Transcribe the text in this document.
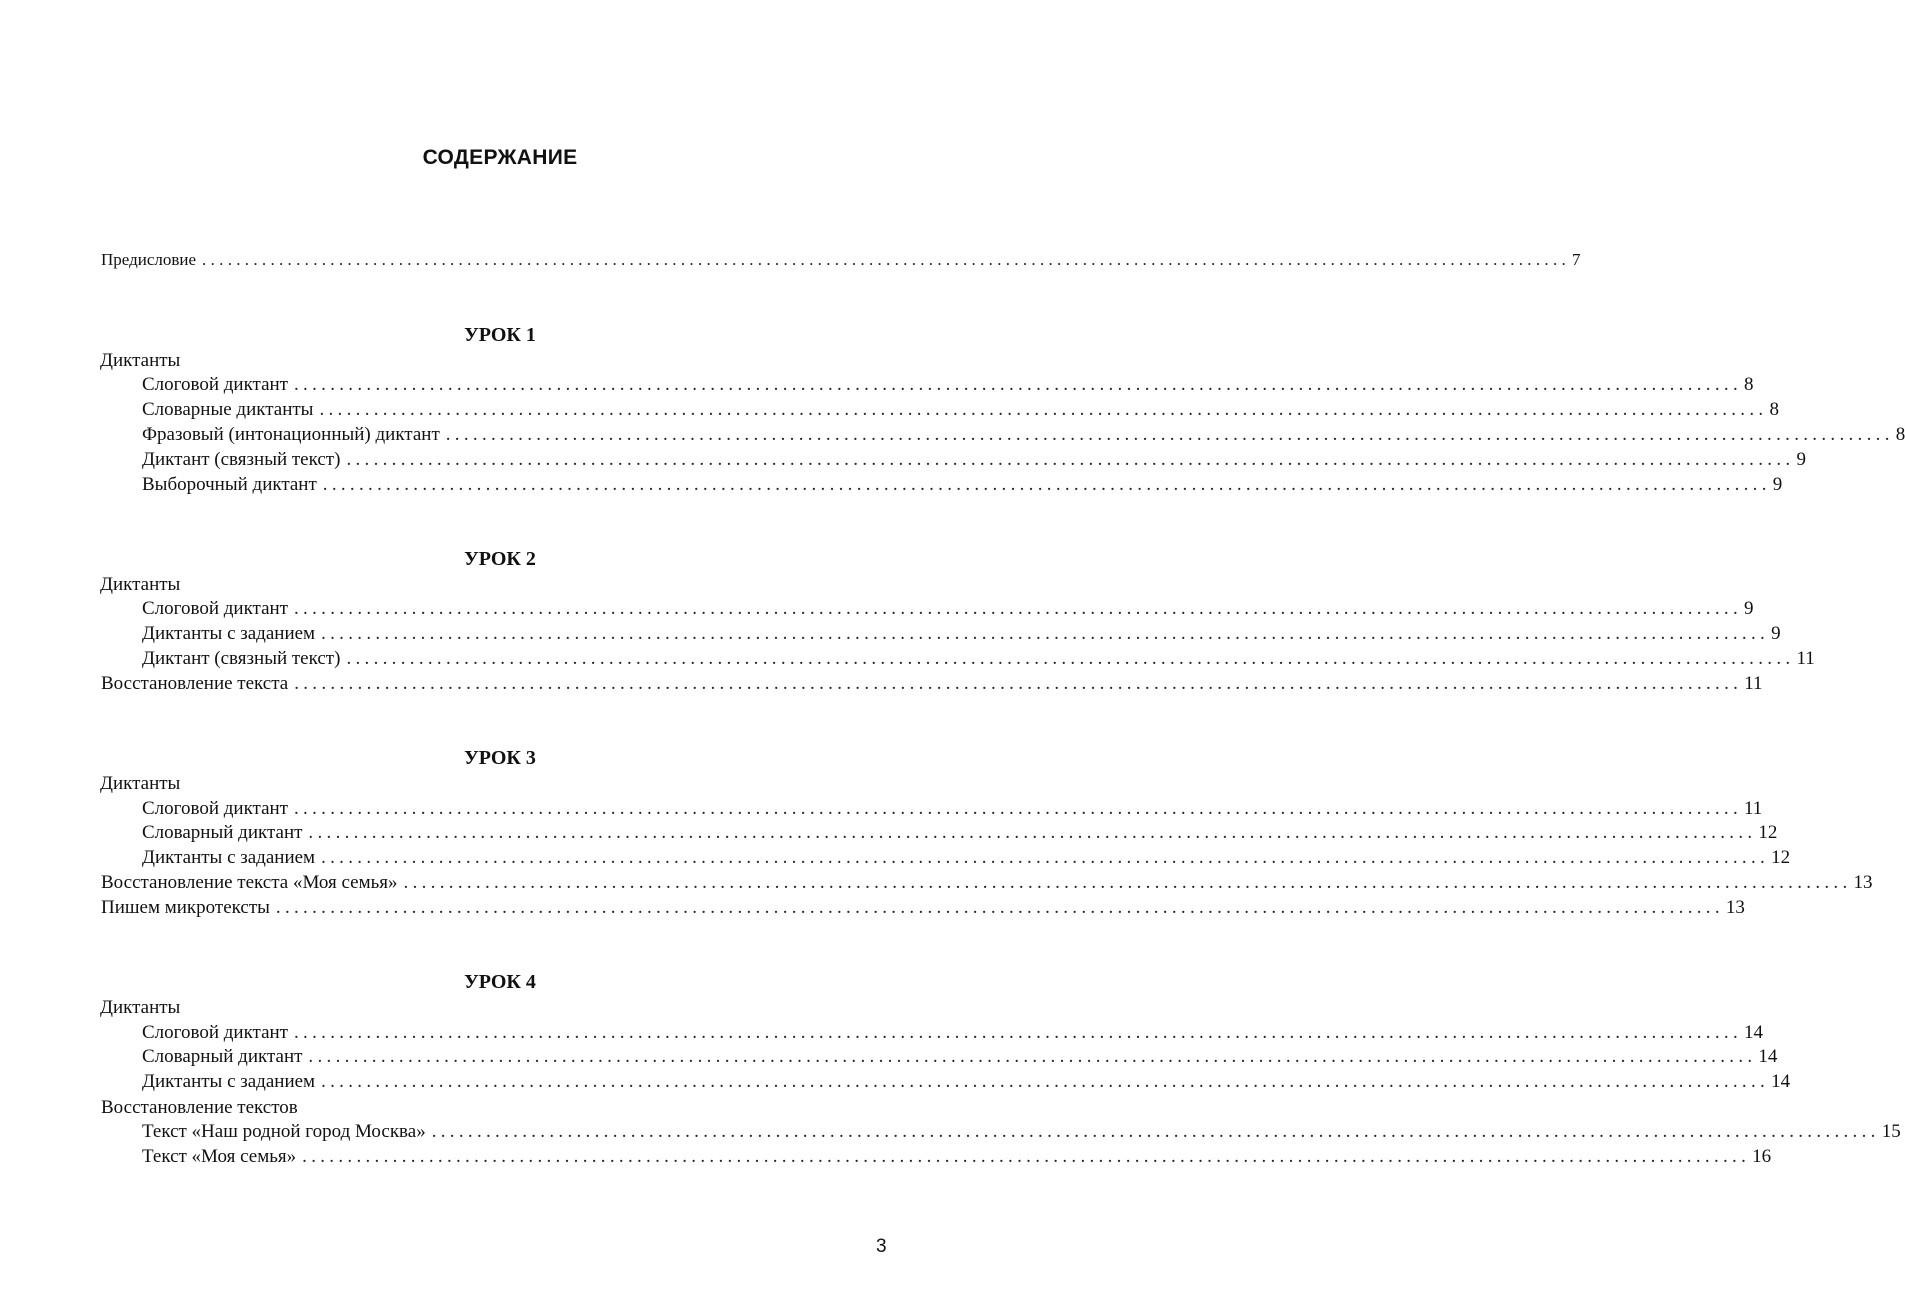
СОДЕРЖАНИЕ
Предисловие ................................................................................................................................................................ 7
УРОК 1
Диктанты
Слоговой диктант ................................................................................................................................................................ 8
Словарные диктанты ................................................................................................................................................................ 8
Фразовый (интонационный) диктант ................................................................................................................................................................ 8
Диктант (связный текст) ................................................................................................................................................................ 9
Выборочный диктант ................................................................................................................................................................ 9
УРОК 2
Диктанты
Слоговой диктант ................................................................................................................................................................ 9
Диктанты с заданием ................................................................................................................................................................ 9
Диктант (связный текст) ................................................................................................................................................................ 11
Восстановление текста ................................................................................................................................................................ 11
УРОК 3
Диктанты
Слоговой диктант ................................................................................................................................................................ 11
Словарный диктант ................................................................................................................................................................ 12
Диктанты с заданием ................................................................................................................................................................ 12
Восстановление текста «Моя семья» ................................................................................................................................................................ 13
Пишем микротексты ................................................................................................................................................................ 13
УРОК 4
Диктанты
Слоговой диктант ................................................................................................................................................................ 14
Словарный диктант ................................................................................................................................................................ 14
Диктанты с заданием ................................................................................................................................................................ 14
Восстановление текстов
Текст «Наш родной город Москва» ................................................................................................................................................................ 15
Текст «Моя семья» ................................................................................................................................................................ 16
3
